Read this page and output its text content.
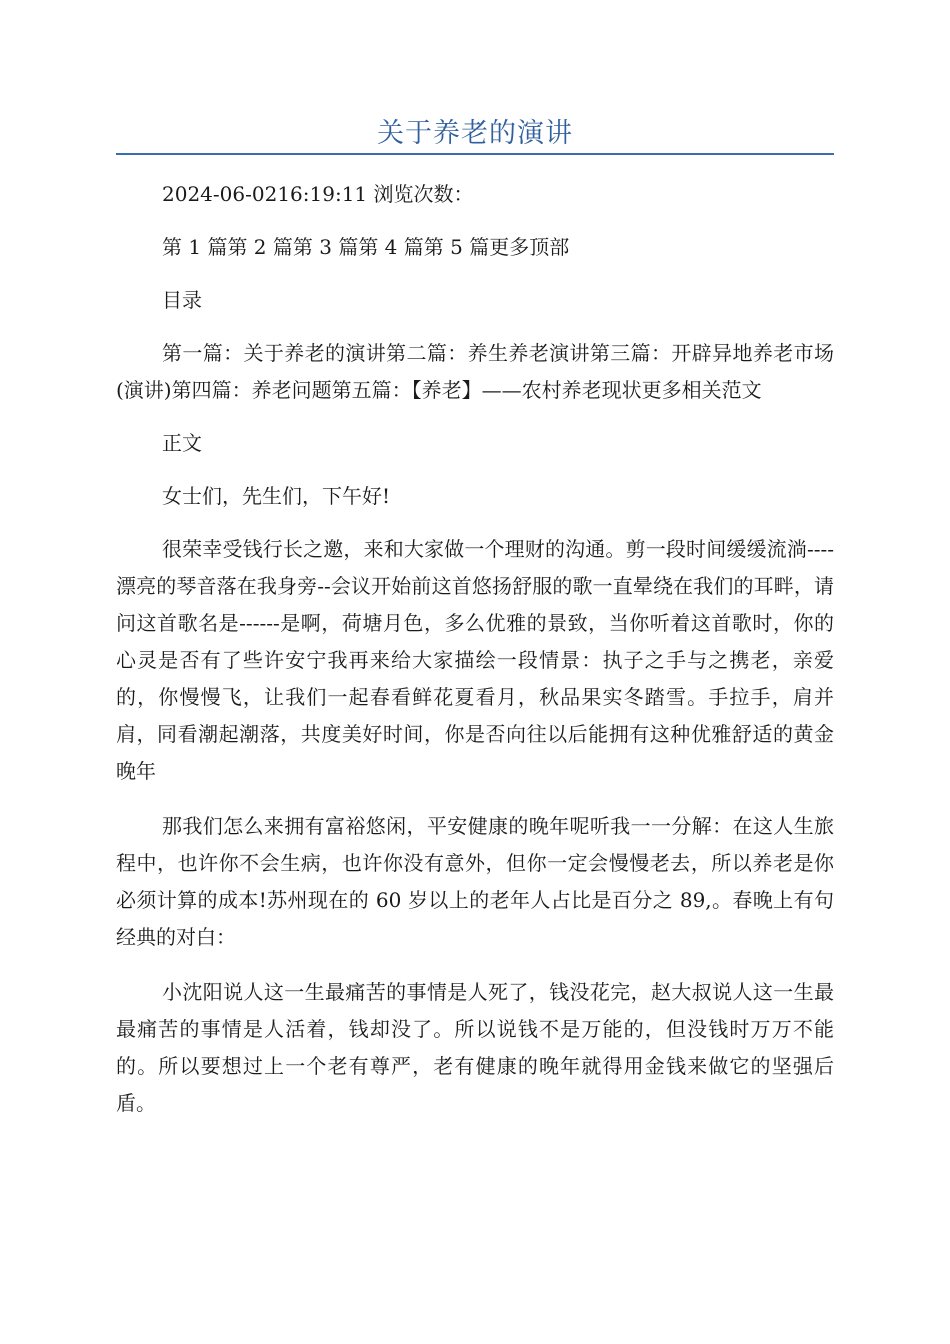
关于养老的演讲

2024-06-0216:19:11 浏览次数：

第 1 篇第 2 篇第 3 篇第 4 篇第 5 篇更多顶部

目录

第一篇：关于养老的演讲第二篇：养生养老演讲第三篇：开辟异地养老市场(演讲)第四篇：养老问题第五篇：【养老】——农村养老现状更多相关范文

正文

女士们，先生们，下午好!

很荣幸受钱行长之邀，来和大家做一个理财的沟通。剪一段时间缓缓流淌----漂亮的琴音落在我身旁--会议开始前这首悠扬舒服的歌一直晕绕在我们的耳畔，请问这首歌名是------是啊，荷塘月色，多么优雅的景致，当你听着这首歌时，你的心灵是否有了些许安宁我再来给大家描绘一段情景：执子之手与之携老，亲爱的，你慢慢飞，让我们一起春看鲜花夏看月，秋品果实冬踏雪。手拉手，肩并肩，同看潮起潮落，共度美好时间，你是否向往以后能拥有这种优雅舒适的黄金晚年

那我们怎么来拥有富裕悠闲，平安健康的晚年呢听我一一分解：在这人生旅程中，也许你不会生病，也许你没有意外，但你一定会慢慢老去，所以养老是你必须计算的成本!苏州现在的 60 岁以上的老年人占比是百分之 89,。春晚上有句经典的对白：

小沈阳说人这一生最痛苦的事情是人死了，钱没花完，赵大叔说人这一生最最痛苦的事情是人活着，钱却没了。所以说钱不是万能的，但没钱时万万不能的。所以要想过上一个老有尊严，老有健康的晚年就得用金钱来做它的坚强后盾。
